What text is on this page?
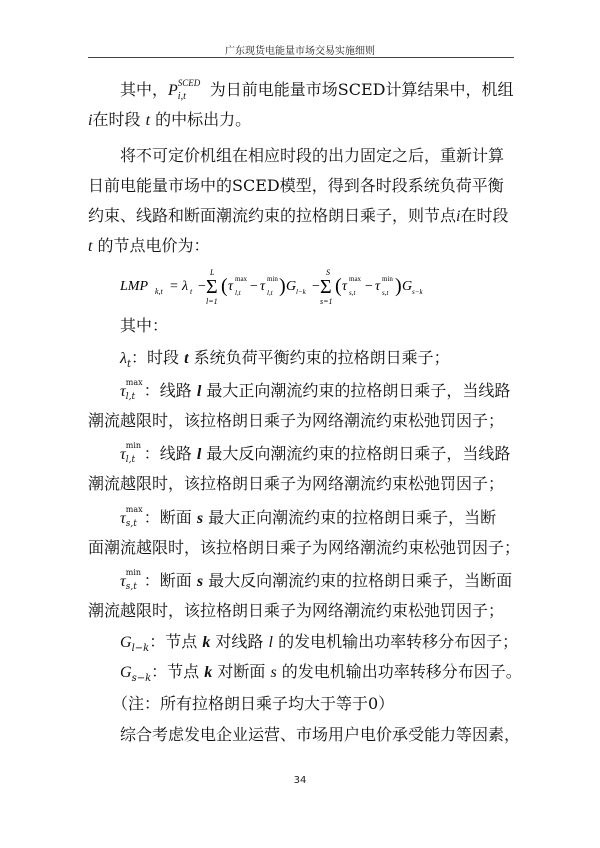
广东现货电能量市场交易实施细则
其中，P SCED
i,t 为日前电能量市场SCED计算结果中，机组
i在时段 t 的中标出力。
将不可定价机组在相应时段的出力固定之后，重新计算
日前电能量市场中的SCED模型，得到各时段系统负荷平衡
约束、线路和断面潮流约束的拉格朗日乘子，则节点i在时段
t 的节点电价为：
LMP k,t = λ t −
L
Σ
l=1
( τ max
l,t − τ min
l,t ) G l−k −
S
Σ
s=1
( τ max
s,t − τ min
s,t ) G s−k
其中：
$\lambda_t$：时段 t 系统负荷平衡约束的拉格朗日乘子；
τ
max
l,t ：线路 l 最大正向潮流约束的拉格朗日乘子，当线路
潮流越限时，该拉格朗日乘子为网络潮流约束松弛罚因子；
τ
min
l,t ：线路 l 最大反向潮流约束的拉格朗日乘子，当线路
潮流越限时，该拉格朗日乘子为网络潮流约束松弛罚因子；
τ
max
s,t ：断面 s 最大正向潮流约束的拉格朗日乘子，当断
面潮流越限时，该拉格朗日乘子为网络潮流约束松弛罚因子；
τ
min
s,t ：断面 s 最大反向潮流约束的拉格朗日乘子，当断面
潮流越限时，该拉格朗日乘子为网络潮流约束松弛罚因子；
$G_{l-k}$：节点 k 对线路 l 的发电机输出功率转移分布因子；
$G_{s-k}$：节点 k 对断面 s 的发电机输出功率转移分布因子。
（注：所有拉格朗日乘子均大于等于0）
综合考虑发电企业运营、市场用户电价承受能力等因素，
34
